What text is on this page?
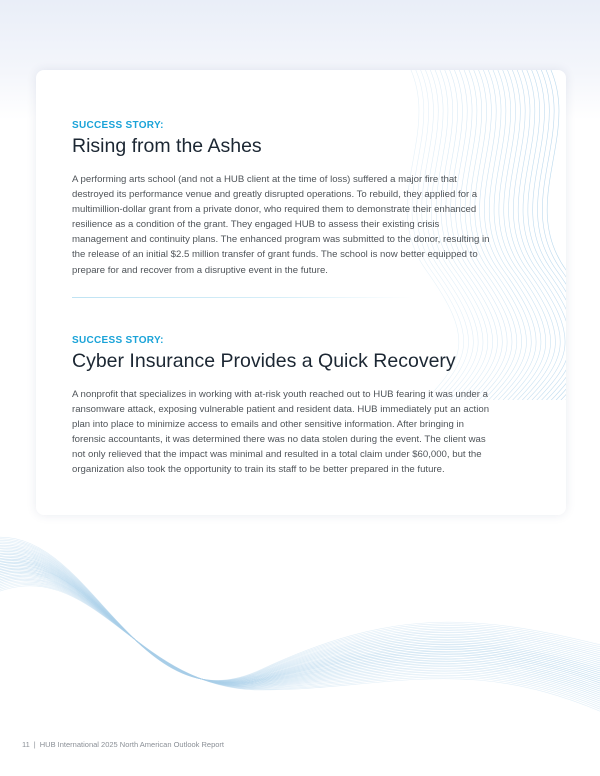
SUCCESS STORY:

Rising from the Ashes

A performing arts school (and not a HUB client at the time of loss) suffered a major fire that destroyed its performance venue and greatly disrupted operations. To rebuild, they applied for a multimillion-dollar grant from a private donor, who required them to demonstrate their enhanced resilience as a condition of the grant. They engaged HUB to assess their existing crisis management and continuity plans. The enhanced program was submitted to the donor, resulting in the release of an initial $2.5 million transfer of grant funds. The school is now better equipped to prepare for and recover from a disruptive event in the future.

SUCCESS STORY:

Cyber Insurance Provides a Quick Recovery

A nonprofit that specializes in working with at-risk youth reached out to HUB fearing it was under a ransomware attack, exposing vulnerable patient and resident data. HUB immediately put an action plan into place to minimize access to emails and other sensitive information. After bringing in forensic accountants, it was determined there was no data stolen during the event. The client was not only relieved that the impact was minimal and resulted in a total claim under $60,000, but the organization also took the opportunity to train its staff to be better prepared in the future.

11 | HUB International 2025 North American Outlook Report
